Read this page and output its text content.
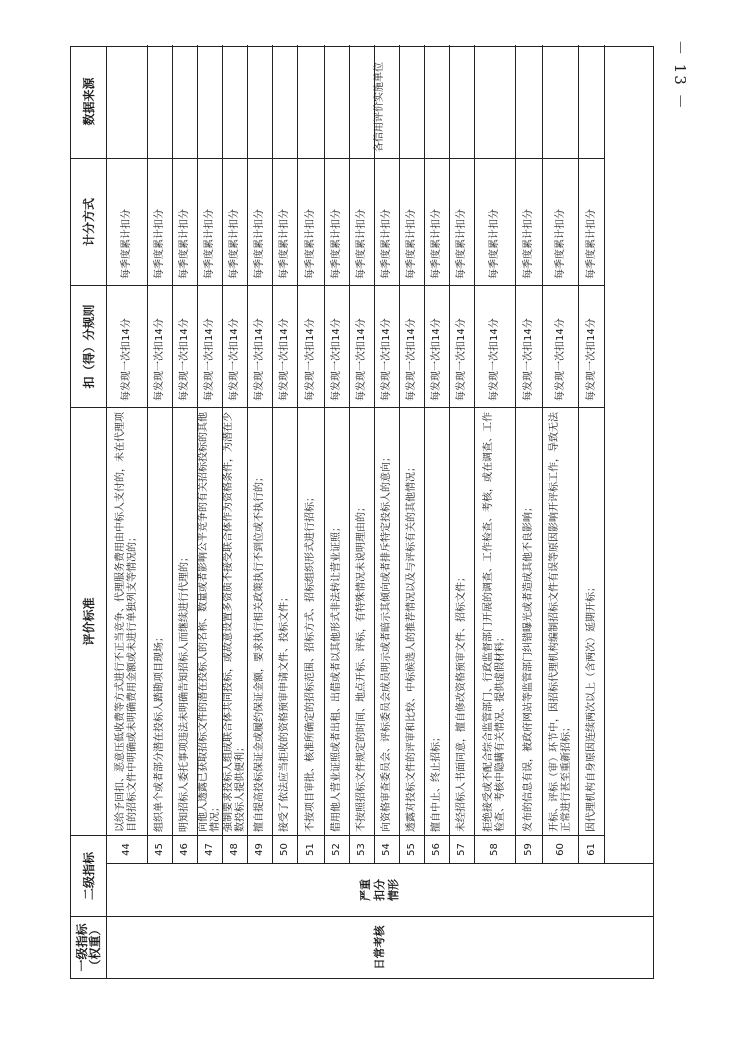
－ 13 －
一级指标
（权重）
二级指标
评价标准
扣（得）分规则
计分方式
数据来源
日常考核
严重
扣分
情形
44
以给予回扣、恶意压低收费等方式进行不正当竞争、代理服务费用由中标人支付的，未在代理项目的招标文件中明确或未明确费用金额或未进行单独列支等情况的；
每发现一次扣14分
每季度累计扣分
45
组织单个或者部分潜在投标人踏勘项目现场；
每发现一次扣14分
每季度累计扣分
46
明知招标人委托事项违法未明确告知招标人而继续进行代理的；
每发现一次扣14分
每季度累计扣分
47
向他人透露已获取招标文件的潜在投标人的名称、数量或者影响公平竞争的有关招标投标的其他情况；
每发现一次扣14分
每季度累计扣分
48
强制要求投标人组成联合体共同投标，或故意设置多资质不接受联合体作为资格条件，为潜在少数投标人提供便利；
每发现一次扣14分
每季度累计扣分
49
擅自提高投标保证金或履约保证金额，要求执行相关政策执行不到位或不执行的；
每发现一次扣14分
每季度累计扣分
50
接受了依法应当拒收的资格预审申请文件、投标文件；
每发现一次扣14分
每季度累计扣分
51
不按项目审批、核准所确定的招标范围、招标方式、招标组织形式进行招标；
每发现一次扣14分
每季度累计扣分
52
借用他人营业证照或者出租、出借或者以其他形式非法转让营业证照；
每发现一次扣14分
每季度累计扣分
53
不按照招标文件规定的时间、地点开标、评标，有特殊情况未说明理由的；
每发现一次扣14分
每季度累计扣分
54
向资格审查委员会、评标委员会成员明示或者暗示其倾向或者排斥特定投标人的意向；
每发现一次扣14分
每季度累计扣分
55
透露对投标文件的评审和比较、中标候选人的推荐情况以及与评标有关的其他情况；
每发现一次扣14分
每季度累计扣分
56
擅自中止、终止招标；
每发现一次扣14分
每季度累计扣分
57
未经招标人书面同意，擅自修改资格预审文件、招标文件；
每发现一次扣14分
每季度累计扣分
58
拒绝接受或不配合综合监管部门、行政监督部门开展的调查、工作检查、考核，或在调查、工作检查、考核中隐瞒有关情况、提供虚假材料；
每发现一次扣14分
每季度累计扣分
59
发布的信息有误，被政府网站等监管部门纠错曝光或者造成其他不良影响；
每发现一次扣14分
每季度累计扣分
60
开标、评标（审）环节中，因招标代理机构编制招标文件有误等原因影响开评标工作，导致无法正常进行甚至重新招标；
每发现一次扣14分
每季度累计扣分
61
因代理机构自身原因连续两次以上（含两次）延期开标；
每发现一次扣14分
每季度累计扣分
各信用评价实施单位
